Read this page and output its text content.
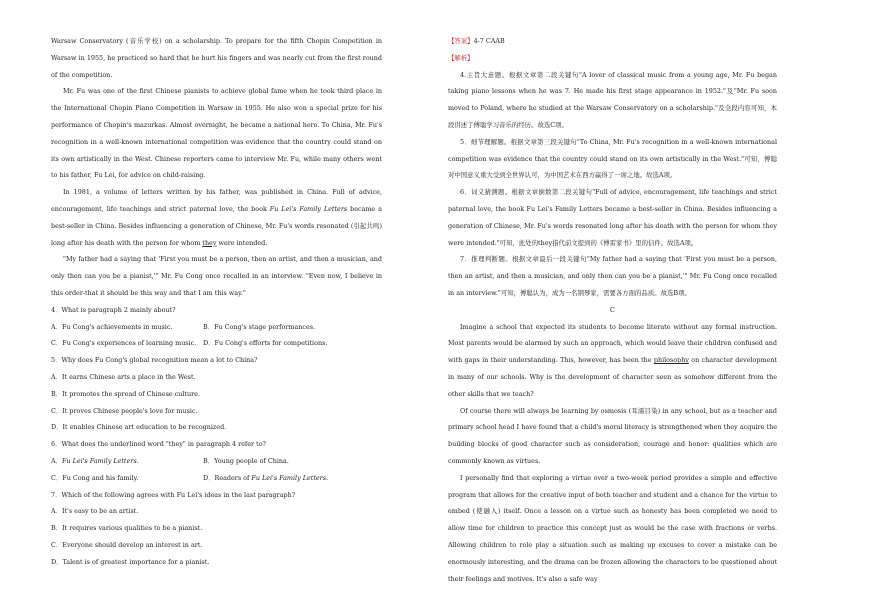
Warsaw Conservatory (音乐学校) on a scholarship. To prepare for the fifth Chopin Competition in Warsaw in 1955, he practiced so hard that he hurt his fingers and was nearly cut from the first round of the competition.

Mr. Fu was one of the first Chinese pianists to achieve global fame when he took third place in the International Chopin Piano Competition in Warsaw in 1955. He also won a special prize for his performance of Chopin's mazurkas. Almost overnight, he became a national hero. To China, Mr. Fu's recognition in a well-known international competition was evidence that the country could stand on its own artistically in the West. Chinese reporters came to interview Mr. Fu, while many others went to his father, Fu Lei, for advice on child-raising.

In 1981, a volume of letters written by his father, was published in China. Full of advice, encouragement, life teachings and strict paternal love, the book Fu Lei's Family Letters became a best-seller in China. Besides influencing a generation of Chinese, Mr. Fu's words resonated (引起共鸣) long after his death with the person for whom they were intended.

"My father had a saying that 'First you must be a person, then an artist, and then a musician, and only then can you be a pianist,'" Mr. Fu Cong once recalled in an interview. "Even now, I believe in this order-that it should be this way and that I am this way."

4．What is paragraph 2 mainly about?

A．Fu Cong's achievements in music.	B．Fu Cong's stage performances.
C．Fu Cong's experiences of learning music.	D．Fu Cong's efforts for competitions.

5．Why does Fu Cong's global recognition mean a lot to China?

A．It earns Chinese arts a place in the West.

B．It promotes the spread of Chinese culture.

C．It proves Chinese people's love for music.

D．It enables Chinese art education to be recognized.

6．What does the underlined word "they" in paragraph 4 refer to?

A．Fu Lei's Family Letters.	B．Young people of China.
C．Fu Cong and his family.	D．Readers of Fu Lei's Family Letters.

7．Which of the following agrees with Fu Lei's ideas in the last paragraph?

A．It's easy to be an artist.

B．It requires various qualities to be a pianist.

C．Everyone should develop an interest in art.

D．Talent is of greatest importance for a pianist.

【答案】4-7 CAAB

【解析】

4.主旨大意题。根据文章第二段关键句"A lover of classical music from a young age, Mr. Fu began taking piano lessons when he was 7. He made his first stage appearance in 1952."及"Mr. Fu soon moved to Poland, where he studied at the Warsaw Conservatory on a scholarship."及全段内容可知，本段讲述了傅聪学习音乐的经历。故选C项。

5．细节理解题。根据文章第三段关键句"To China, Mr. Fu's recognition in a well-known international competition was evidence that the country could stand on its own artistically in the West."可知，傅聪对中国意义重大受到全世界认可，为中国艺术在西方赢得了一席之地。故选A项。

6．词义猜测题。根据文章倒数第二段关键句"Full of advice, encouragement, life teachings and strict paternal love, the book Fu Lei's Family Letters became a best-seller in China. Besides influencing a generation of Chinese, Mr. Fu's words resonated long after his death with the person for whom they were intended."可知，此处的they指代前文提到的《傅雷家书》里的信件。故选A项。

7．推理判断题。根据文章最后一段关键句"My father had a saying that 'First you must be a person, then an artist, and then a musician, and only then can you be a pianist,'" Mr. Fu Cong once recalled in an interview."可知，傅聪认为，成为一名钢琴家，需要各方面的品质。故选B项。

C

Imagine a school that expected its students to become literate without any formal instruction. Most parents would be alarmed by such an approach, which would leave their children confused and with gaps in their understanding. This, however, has been the philosophy on character development in many of our schools. Why is the development of character seen as somehow different from the other skills that we teach?

Of course there will always be learning by osmosis (耳濡目染) in any school, but as a teacher and primary school head I have found that a child's moral literacy is strengthened when they acquire the building blocks of good character such as consideration, courage and honor: qualities which are commonly known as virtues.

I personally find that exploring a virtue over a two-week period provides a simple and effective program that allows for the creative input of both teacher and student and a chance for the virtue to embed (使融入) itself. Once a lesson on a virtue such as honesty has been completed we need to allow time for children to practice this concept just as would be the case with fractions or verbs. Allowing children to role play a situation such as making up excuses to cover a mistake can be enormously interesting, and the drama can be frozen allowing the characters to be questioned about their feelings and motives. It's also a safe way
